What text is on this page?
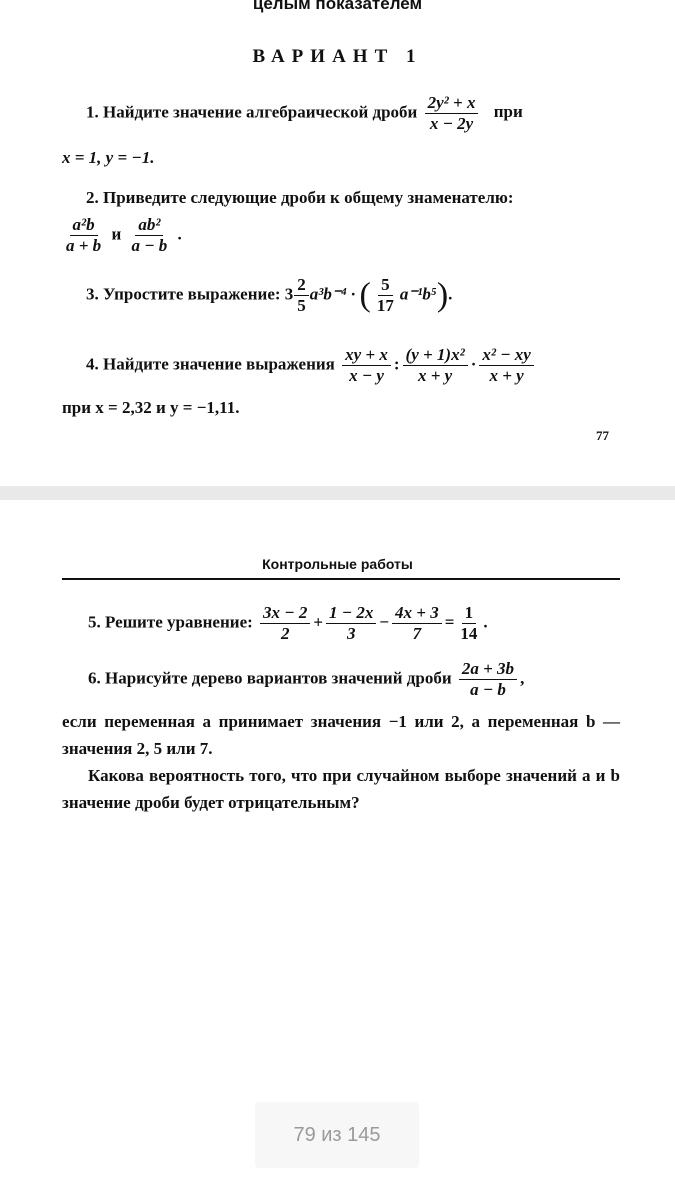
целым показателем
ВАРИАНТ 1
1. Найдите значение алгебраической дроби $\frac{\text{2y² + x}}{x - 2y}$ при
x = 1, y = −1.
2. Приведите следующие дроби к общему знаменателю:
$\frac{\text{a²b}}{a + b}$ и $\frac{\text{ab²}}{a - b}$ .
3. Упростите выражение: $3 \frac{2}{5} a^3b^{-4}$ · ( $\frac{5}{17} a^{-1}b^5$).
4. Найдите значение выражения $\frac{xy + x}{x - y}$ : $\frac{\text{(y + 1)x²}}{x + y} \cdot \frac{\text{x² − xy}}{x + y}$
при x = 2,32 и y = −1,11.
77
Контрольные работы
5. Решите уравнение: $\frac{3x - 2}{2} + \frac{1 - 2x}{3} - \frac{4x + 3}{7} = \frac{1}{14}$ .
6. Нарисуйте дерево вариантов значений дроби $\frac{2a + 3b}{a - b}$ ,
если переменная a принимает значения −1 или 2, а переменная b — значения 2, 5 или 7.
Какова вероятность того, что при случайном выборе значений a и b значение дроби будет отрицательным?
79 из 145
